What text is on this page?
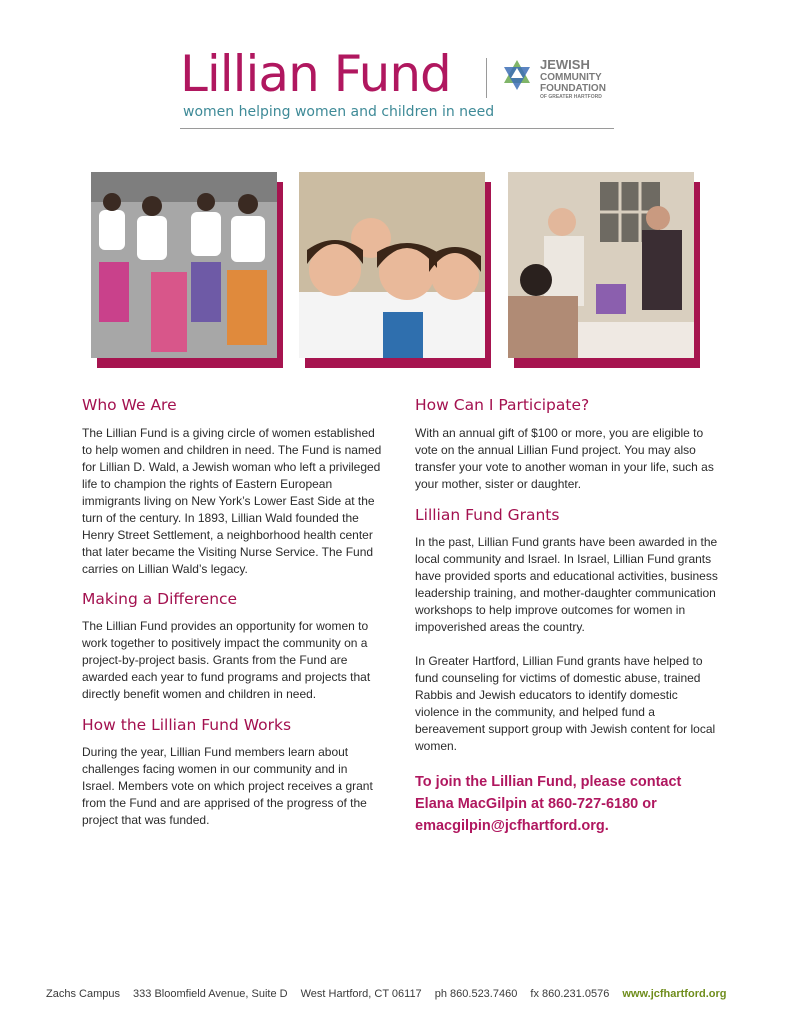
Lillian Fund
women helping women and children in need
JEWISH
COMMUNITY
FOUNDATION
OF GREATER HARTFORD
Who We Are

The Lillian Fund is a giving circle of women established to help women and children in need. The Fund is named for Lillian D. Wald, a Jewish woman who left a privileged life to champion the rights of Eastern European immigrants living on New York’s Lower East Side at the turn of the century. In 1893, Lillian Wald founded the Henry Street Settlement, a neighborhood health center that later became the Visiting Nurse Service. The Fund carries on Lillian Wald’s legacy.

Making a Difference

The Lillian Fund provides an opportunity for women to work together to positively impact the community on a project-by-project basis. Grants from the Fund are awarded each year to fund programs and projects that directly benefit women and children in need.

How the Lillian Fund Works

During the year, Lillian Fund members learn about challenges facing women in our community and in Israel. Members vote on which project receives a grant from the Fund and are apprised of the progress of the project that was funded.

How Can I Participate?

With an annual gift of $100 or more, you are eligible to vote on the annual Lillian Fund project. You may also transfer your vote to another woman in your life, such as your mother, sister or daughter.

Lillian Fund Grants

In the past, Lillian Fund grants have been awarded in the local community and Israel. In Israel, Lillian Fund grants have provided sports and educational activities, business leadership training, and mother-daughter communication workshops to help improve outcomes for women in impoverished areas the country.

In Greater Hartford, Lillian Fund grants have helped to fund counseling for victims of domestic abuse, trained Rabbis and Jewish educators to identify domestic violence in the community, and helped fund a bereavement support group with Jewish content for local women.

To join the Lillian Fund, please contact Elana MacGilpin at 860-727-6180 or emacgilpin@jcfhartford.org.

Zachs Campus 333 Bloomfield Avenue, Suite D West Hartford, CT 06117 ph 860.523.7460 fx 860.231.0576 www.jcfhartford.org
